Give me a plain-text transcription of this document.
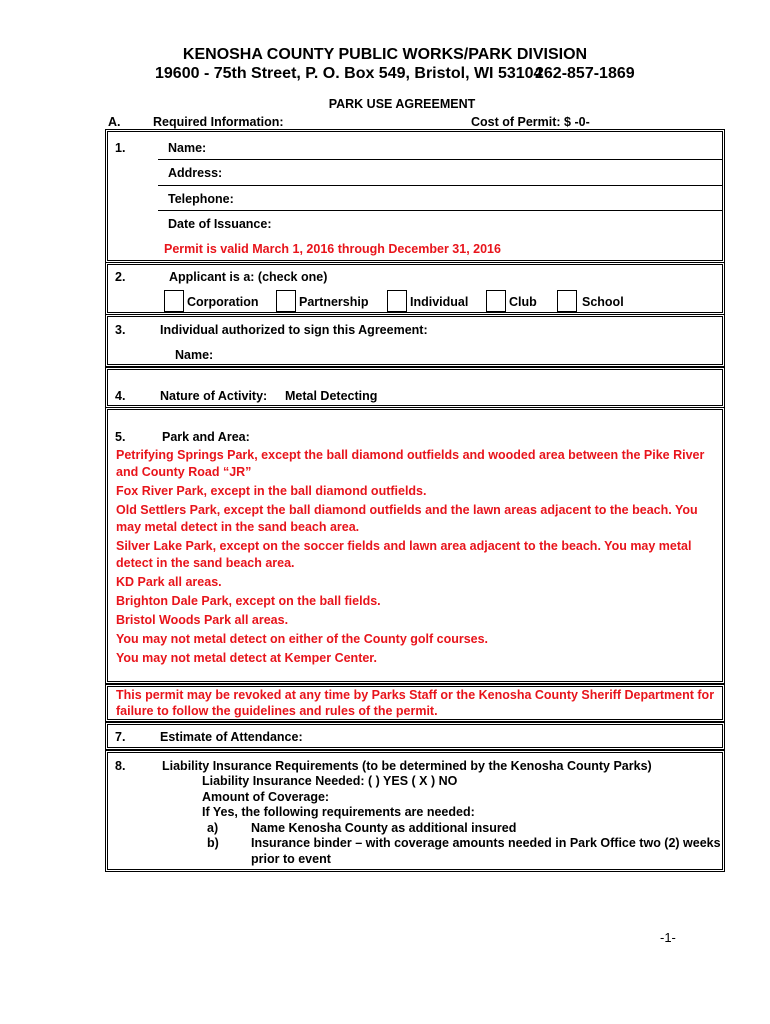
KENOSHA COUNTY PUBLIC WORKS/PARK DIVISION
19600 - 75th Street, P. O. Box 549, Bristol, WI 53104
262-857-1869
PARK USE AGREEMENT
A.	Required Information:	Cost of Permit: $ -0-
1.	Name:
Address:
Telephone:
Date of Issuance:
Permit is valid March 1, 2016 through December 31, 2016
2.	Applicant is a: (check one)
Corporation	Partnership	Individual	Club	School
3.	Individual authorized to sign this Agreement:
Name:
4.	Nature of Activity: Metal Detecting
5.	Park and Area:
Petrifying Springs Park, except the ball diamond outfields and wooded area between the Pike River and County Road “JR”
Fox River Park, except in the ball diamond outfields.
Old Settlers Park, except the ball diamond outfields and the lawn areas adjacent to the beach. You may metal detect in the sand beach area.
Silver Lake Park, except on the soccer fields and lawn area adjacent to the beach. You may metal detect in the sand beach area.
KD Park all areas.
Brighton Dale Park, except on the ball fields.
Bristol Woods Park all areas.
You may not metal detect on either of the County golf courses.
You may not metal detect at Kemper Center.
This permit may be revoked at any time by Parks Staff or the Kenosha County Sheriff Department for failure to follow the guidelines and rules of the permit.
7.	Estimate of Attendance:
8.	Liability Insurance Requirements (to be determined by the Kenosha County Parks)
Liability Insurance Needed: ( ) YES ( X ) NO
Amount of Coverage:
If Yes, the following requirements are needed:
a)	Name Kenosha County as additional insured
b)	Insurance binder – with coverage amounts needed in Park Office two (2) weeks
prior to event
-1-
